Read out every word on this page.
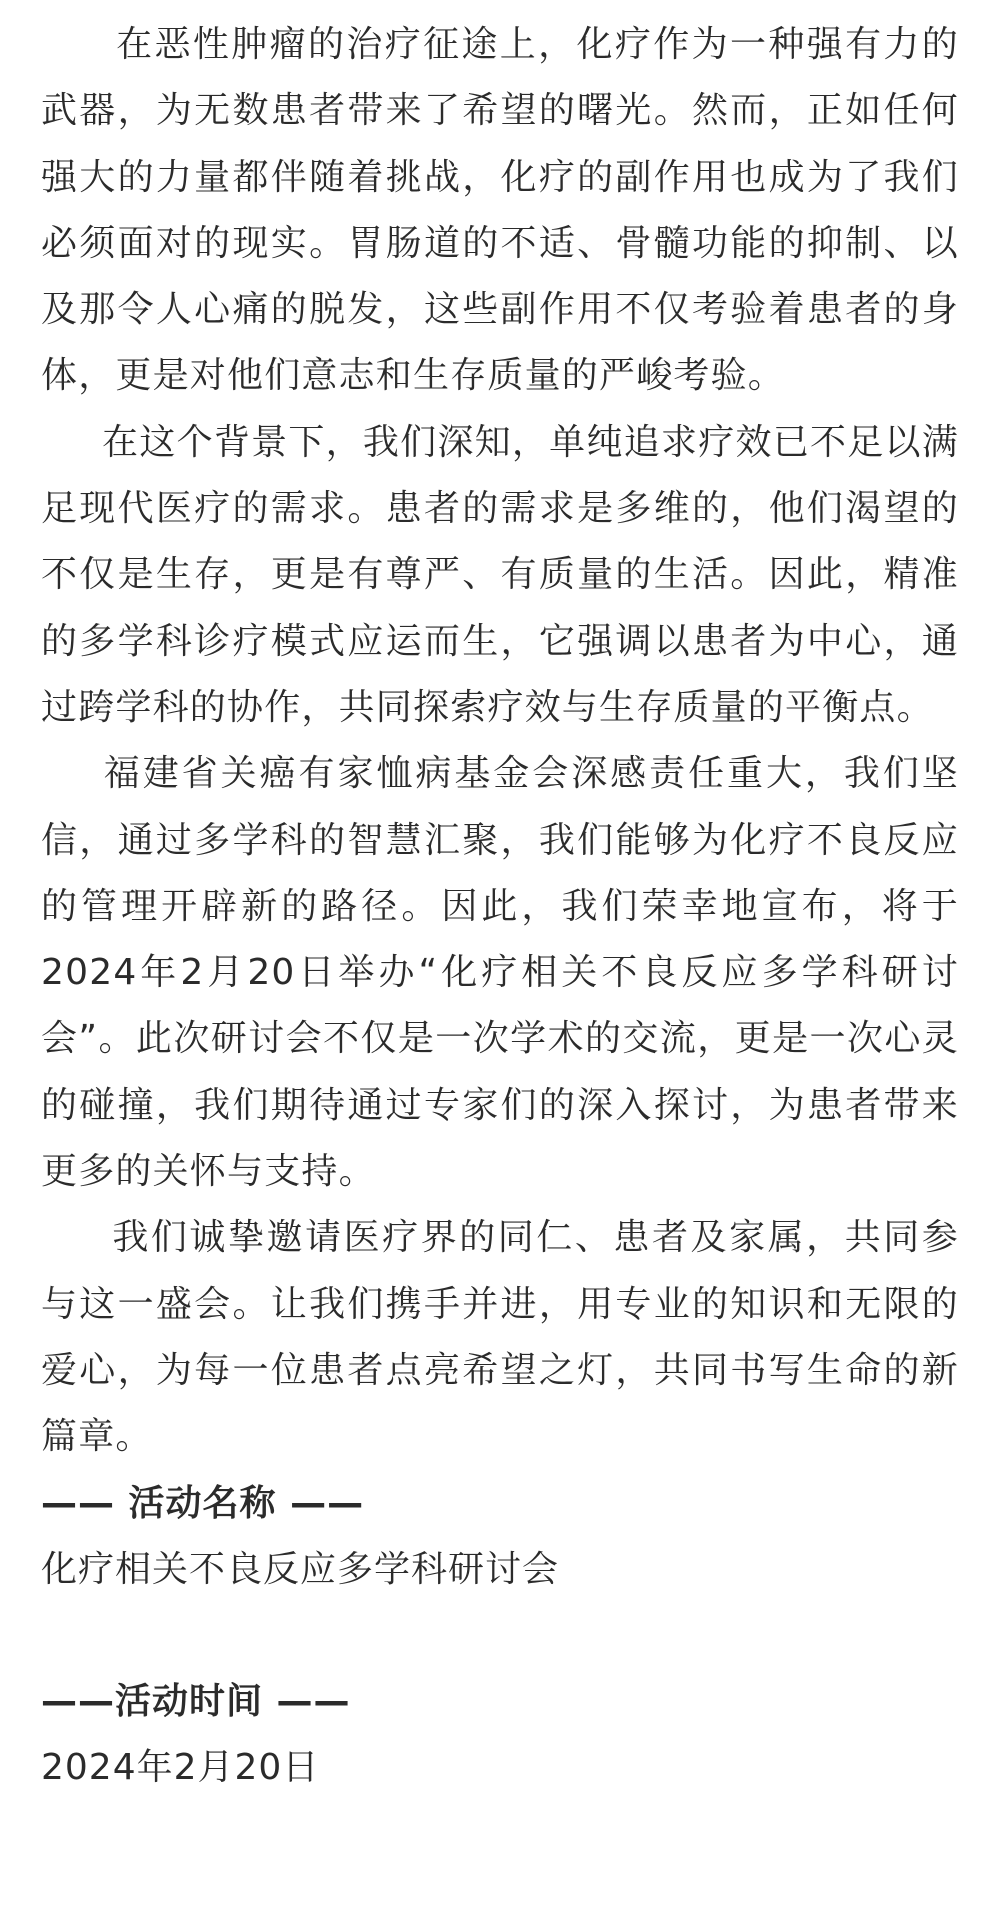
在恶性肿瘤的治疗征途上，化疗作为一种强有力的武器，为无数患者带来了希望的曙光。然而，正如任何强大的力量都伴随着挑战，化疗的副作用也成为了我们必须面对的现实。胃肠道的不适、骨髓功能的抑制、以及那令人心痛的脱发，这些副作用不仅考验着患者的身体，更是对他们意志和生存质量的严峻考验。

在这个背景下，我们深知，单纯追求疗效已不足以满足现代医疗的需求。患者的需求是多维的，他们渴望的不仅是生存，更是有尊严、有质量的生活。因此，精准的多学科诊疗模式应运而生，它强调以患者为中心，通过跨学科的协作，共同探索疗效与生存质量的平衡点。

福建省关癌有家恤病基金会深感责任重大，我们坚信，通过多学科的智慧汇聚，我们能够为化疗不良反应的管理开辟新的路径。因此，我们荣幸地宣布，将于2024年2月20日举办“化疗相关不良反应多学科研讨会”。此次研讨会不仅是一次学术的交流，更是一次心灵的碰撞，我们期待通过专家们的深入探讨，为患者带来更多的关怀与支持。

我们诚挚邀请医疗界的同仁、患者及家属，共同参与这一盛会。让我们携手并进，用专业的知识和无限的爱心，为每一位患者点亮希望之灯，共同书写生命的新篇章。

—— 活动名称 ——

化疗相关不良反应多学科研讨会

——活动时间 ——

2024年2月20日
